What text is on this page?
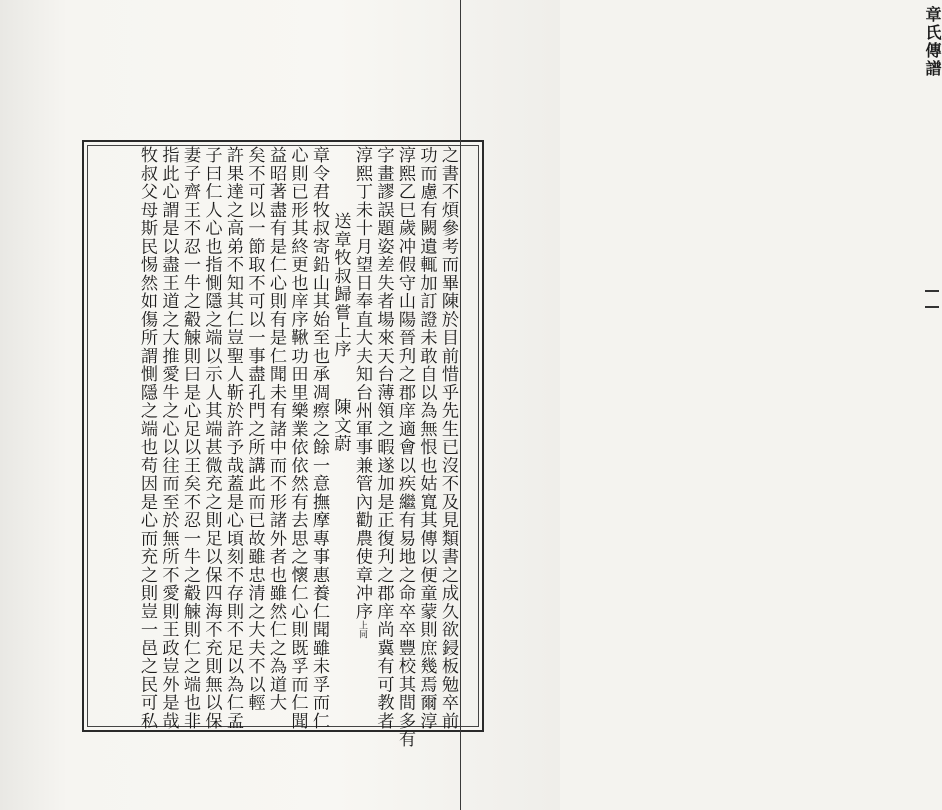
章氏傳譜
之書不煩參考而畢陳於目前惜乎先生已沒不及見類書之成久欲鋟板勉卒前
功而慮有闕遺輒加訂證未敢自以為無恨也姑寬其傳以便童蒙則庶幾焉爾淳
淳熙乙巳歲冲假守山陽晉刋之郡庠適會以疾繼有易地之命卒卒豐校其間多有
字畫謬誤題姿差失者場來天台薄領之暇遂加是正復刋之郡庠尚冀有可教者
淳熙丁未十月望日奉直大夫知台州軍事兼管內勸農使章冲序上同
送章牧叔歸嘗上序陳文蔚
章令君牧叔寄鉛山其始至也承凋瘵之餘一意撫摩專事惠養仁聞雖未孚而仁
心則已形其終更也庠序鞦功田里樂業依依然有去思之懷仁心則既孚而仁聞
益昭著盡有是仁心則有是仁聞未有諸中而不形諸外者也雖然仁之為道大
矣不可以一節取不可以一事盡孔門之所講此而已故雖忠清之大夫不以輕
許果達之高弟不知其仁豈聖人靳於許予哉蓋是心頃刻不存則不足以為仁孟
子曰仁人心也指惻隱之端以示人其端甚微充之則足以保四海不充則無以保
妻子齊王不忍一牛之觳觫則曰是心足以王矣不忍一牛之觳觫則仁之端也非
指此心謂是以盡王道之大推愛牛之心以往而至於無所不愛則王政豈外是哉
牧叔父母斯民惕然如傷所謂惻隱之端也苟因是心而充之則豈一邑之民可私
